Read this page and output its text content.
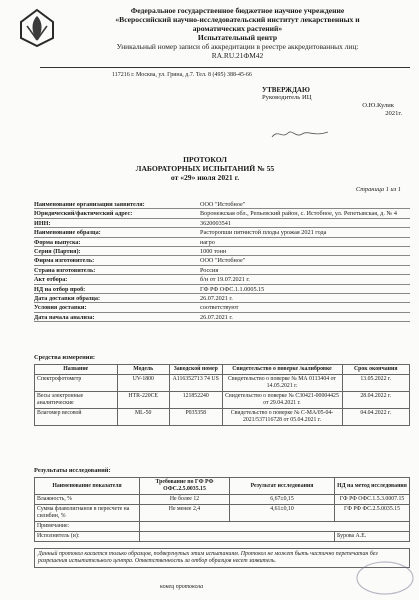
Федеральное государственное бюджетное научное учреждение
«Всероссийский научно-исследовательский институт лекарственных и
ароматических растений»
Испытательный центр
Уникальный номер записи об аккредитации в реестре аккредитованных лиц:
RA.RU.21ФМ42
117216 г. Москва, ул. Грина, д.7. Тел. 8 (495) 388-45-66
УТВЕРЖДАЮ
Руководитель ИЦ
О.Ю.Кулик
2021г.
ПРОТОКОЛ
ЛАБОРАТОРНЫХ ИСПЫТАНИЙ № 55
от «29» июля 2021 г.
Страница 1 из 1
Наименование организации заявителя:	ООО "Истобное"
Юридический/фактический адрес:	Воронежская обл., Репьевский район, с. Истобное, ул. Репетывская, д. № 4
ИНН:	3620003541
Наименование образца:	Расторопши пятнистой плоды урожая 2021 года
Форма выпуска:	нагро
Серия (Партия):	1000 тонн
Фирма изготовитель:	ООО "Истобное"
Страна изготовитель:	Россия
Акт отбора:	б/н от 19.07.2021 г.
НД на отбор проб:	ГФ РФ ОФС.1.1.0005.15
Дата доставки образца:	26.07.2021 г.
Условия доставки:	соответствуют
Дата начала анализа:	26.07.2021 г.
Средства измерения:
Название	Модель	Заводской номер	Свидетельство о поверке /калибровке	Срок окончания
Спектрофотометр	UV-1800	A116352713 74 US	Свидетельство о поверке № МА 0113404 от 14.05.2021 г.	13.05.2022 г.
Весы электронные аналитические	HTR-220CE	121852240	Свидетельство о поверке № С30421-00004425 от 29.04.2021 г.	28.04.2022 г.
Влагомер весовой	ML-50	P035358	Свидетельство о поверке № С-МА/05-04-2021/537116728 от 05.04.2021 г.	04.04.2022 г.
Результаты исследований:
Наименование показателя	Требование по ГФ РФ ОФС.2.5.0035.15	Результат исследования	НД на метод исследования
Влажность, %	Не более 12	6,67±0,15	ГФ РФ ОФС.1.5.3.0007.15
Сумма флаволигнанов в пересчете на силибин, %	Не менее 2,4	4,61±0,10	ГФ РФ ФС.2.5.0035.15
Примечание:			
Исполнитель (и):			Бурова А.Е.
Данный протокол касается только образцов, подвергнутых этим испытаниям. Протокол не может быть частично перепечатан без разрешения испытательного центра. Ответственность за отбор образцов несет заявитель.
конец протокола
